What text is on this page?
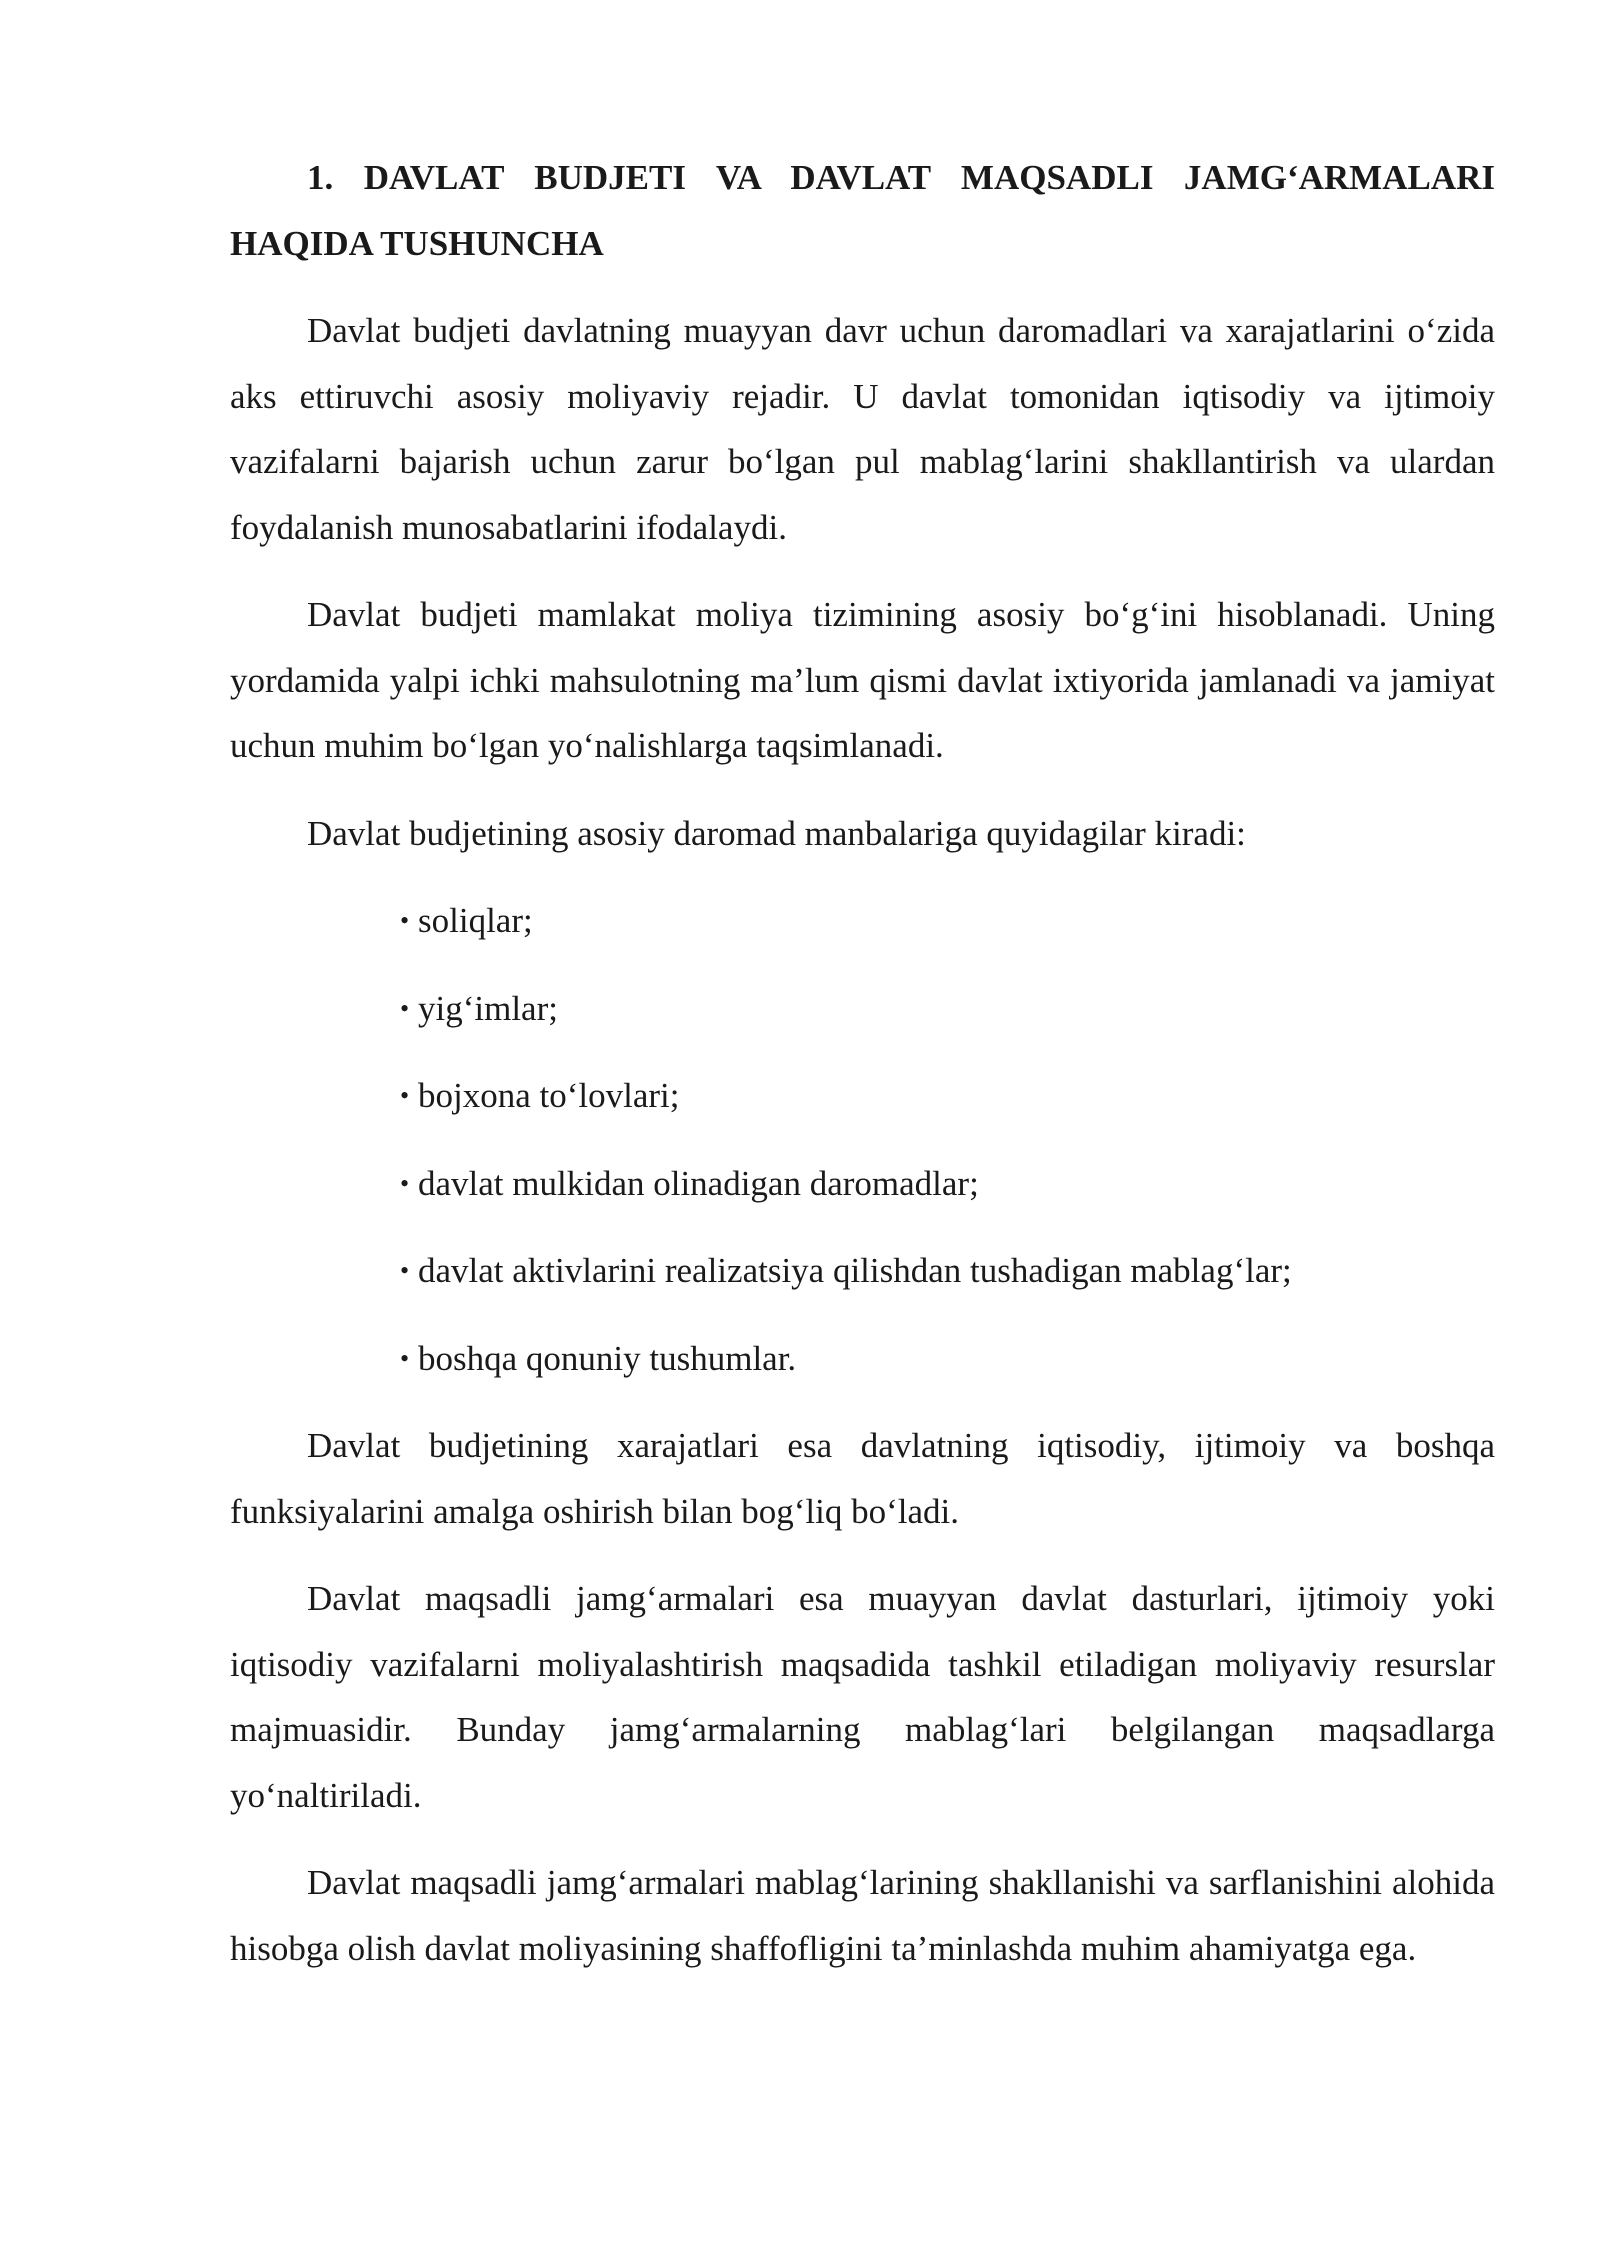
1. DAVLAT BUDJETI VA DAVLAT MAQSADLI JAMG‘ARMALARI HAQIDA TUSHUNCHA

Davlat budjeti davlatning muayyan davr uchun daromadlari va xarajatlarini o‘zida aks ettiruvchi asosiy moliyaviy rejadir. U davlat tomonidan iqtisodiy va ijtimoiy vazifalarni bajarish uchun zarur bo‘lgan pul mablag‘larini shakllantirish va ulardan foydalanish munosabatlarini ifodalaydi.

Davlat budjeti mamlakat moliya tizimining asosiy bo‘g‘ini hisoblanadi. Uning yordamida yalpi ichki mahsulotning ma’lum qismi davlat ixtiyorida jamlanadi va jamiyat uchun muhim bo‘lgan yo‘nalishlarga taqsimlanadi.

Davlat budjetining asosiy daromad manbalariga quyidagilar kiradi:

• soliqlar;
• yig‘imlar;
• bojxona to‘lovlari;
• davlat mulkidan olinadigan daromadlar;
• davlat aktivlarini realizatsiya qilishdan tushadigan mablag‘lar;
• boshqa qonuniy tushumlar.

Davlat budjetining xarajatlari esa davlatning iqtisodiy, ijtimoiy va boshqa funksiyalarini amalga oshirish bilan bog‘liq bo‘ladi.

Davlat maqsadli jamg‘armalari esa muayyan davlat dasturlari, ijtimoiy yoki iqtisodiy vazifalarni moliyalashtirish maqsadida tashkil etiladigan moliyaviy resurslar majmuasidir. Bunday jamg‘armalarning mablag‘lari belgilangan maqsadlarga yo‘naltiriladi.

Davlat maqsadli jamg‘armalari mablag‘larining shakllanishi va sarflanishini alohida hisobga olish davlat moliyasining shaffofligini ta’minlashda muhim ahamiyatga ega.
